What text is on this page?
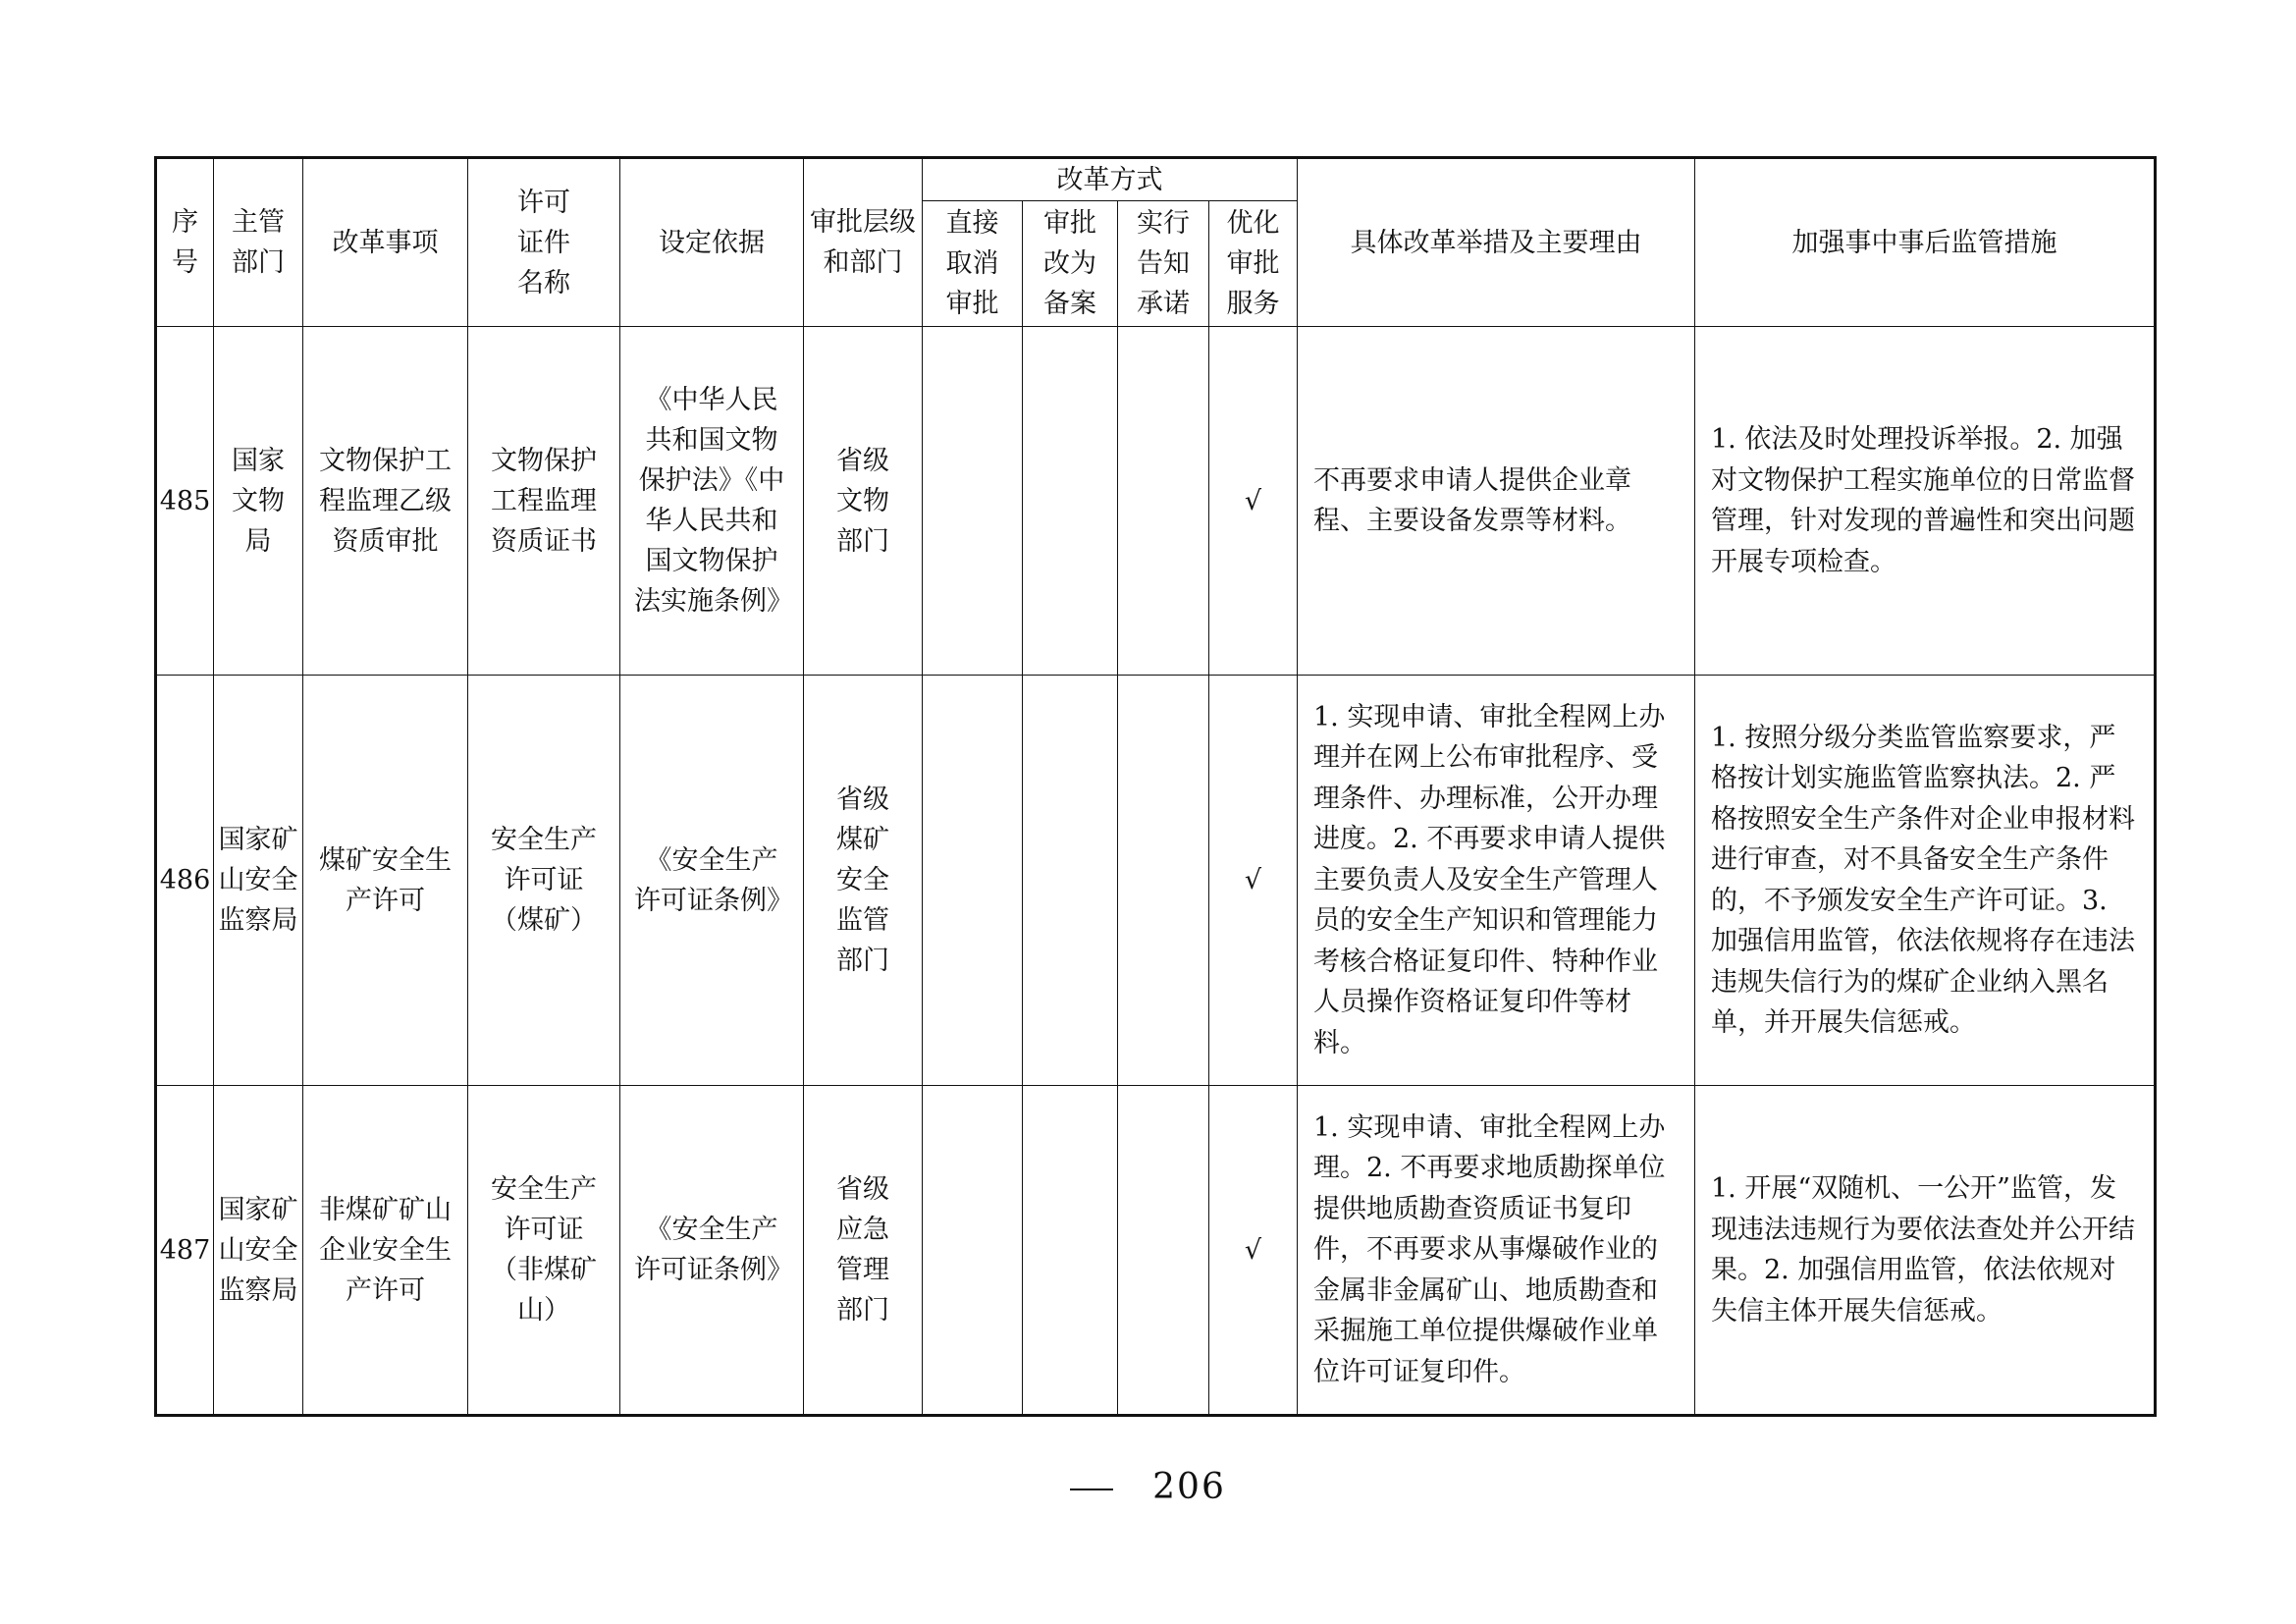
序号	主管部门	改革事项	许可证件名称	设定依据	审批层级和部门	改革方式				具体改革举措及主要理由	加强事中事后监管措施
						直接取消审批	审批改为备案	实行告知承诺	优化审批服务		
485	国家文物局	文物保护工程监理乙级资质审批	文物保护工程监理资质证书	《中华人民共和国文物保护法》《中华人民共和国文物保护法实施条例》	省级文物部门				√	不再要求申请人提供企业章程、主要设备发票等材料。	1. 依法及时处理投诉举报。2. 加强对文物保护工程实施单位的日常监督管理，针对发现的普遍性和突出问题开展专项检查。
486	国家矿山安全监察局	煤矿安全生产许可	安全生产许可证（煤矿）	《安全生产许可证条例》	省级煤矿安全监管部门				√	1. 实现申请、审批全程网上办理并在网上公布审批程序、受理条件、办理标准，公开办理进度。2. 不再要求申请人提供主要负责人及安全生产管理人员的安全生产知识和管理能力考核合格证复印件、特种作业人员操作资格证复印件等材料。	1. 按照分级分类监管监察要求，严格按计划实施监管监察执法。2. 严格按照安全生产条件对企业申报材料进行审查，对不具备安全生产条件的，不予颁发安全生产许可证。3. 加强信用监管，依法依规将存在违法违规失信行为的煤矿企业纳入黑名单，并开展失信惩戒。
487	国家矿山安全监察局	非煤矿矿山企业安全生产许可	安全生产许可证（非煤矿山）	《安全生产许可证条例》	省级应急管理部门				√	1. 实现申请、审批全程网上办理。2. 不再要求地质勘探单位提供地质勘查资质证书复印件，不再要求从事爆破作业的金属非金属矿山、地质勘查和采掘施工单位提供爆破作业单位许可证复印件。	1. 开展“双随机、一公开”监管，发现违法违规行为要依法查处并公开结果。2. 加强信用监管，依法依规对失信主体开展失信惩戒。
206
